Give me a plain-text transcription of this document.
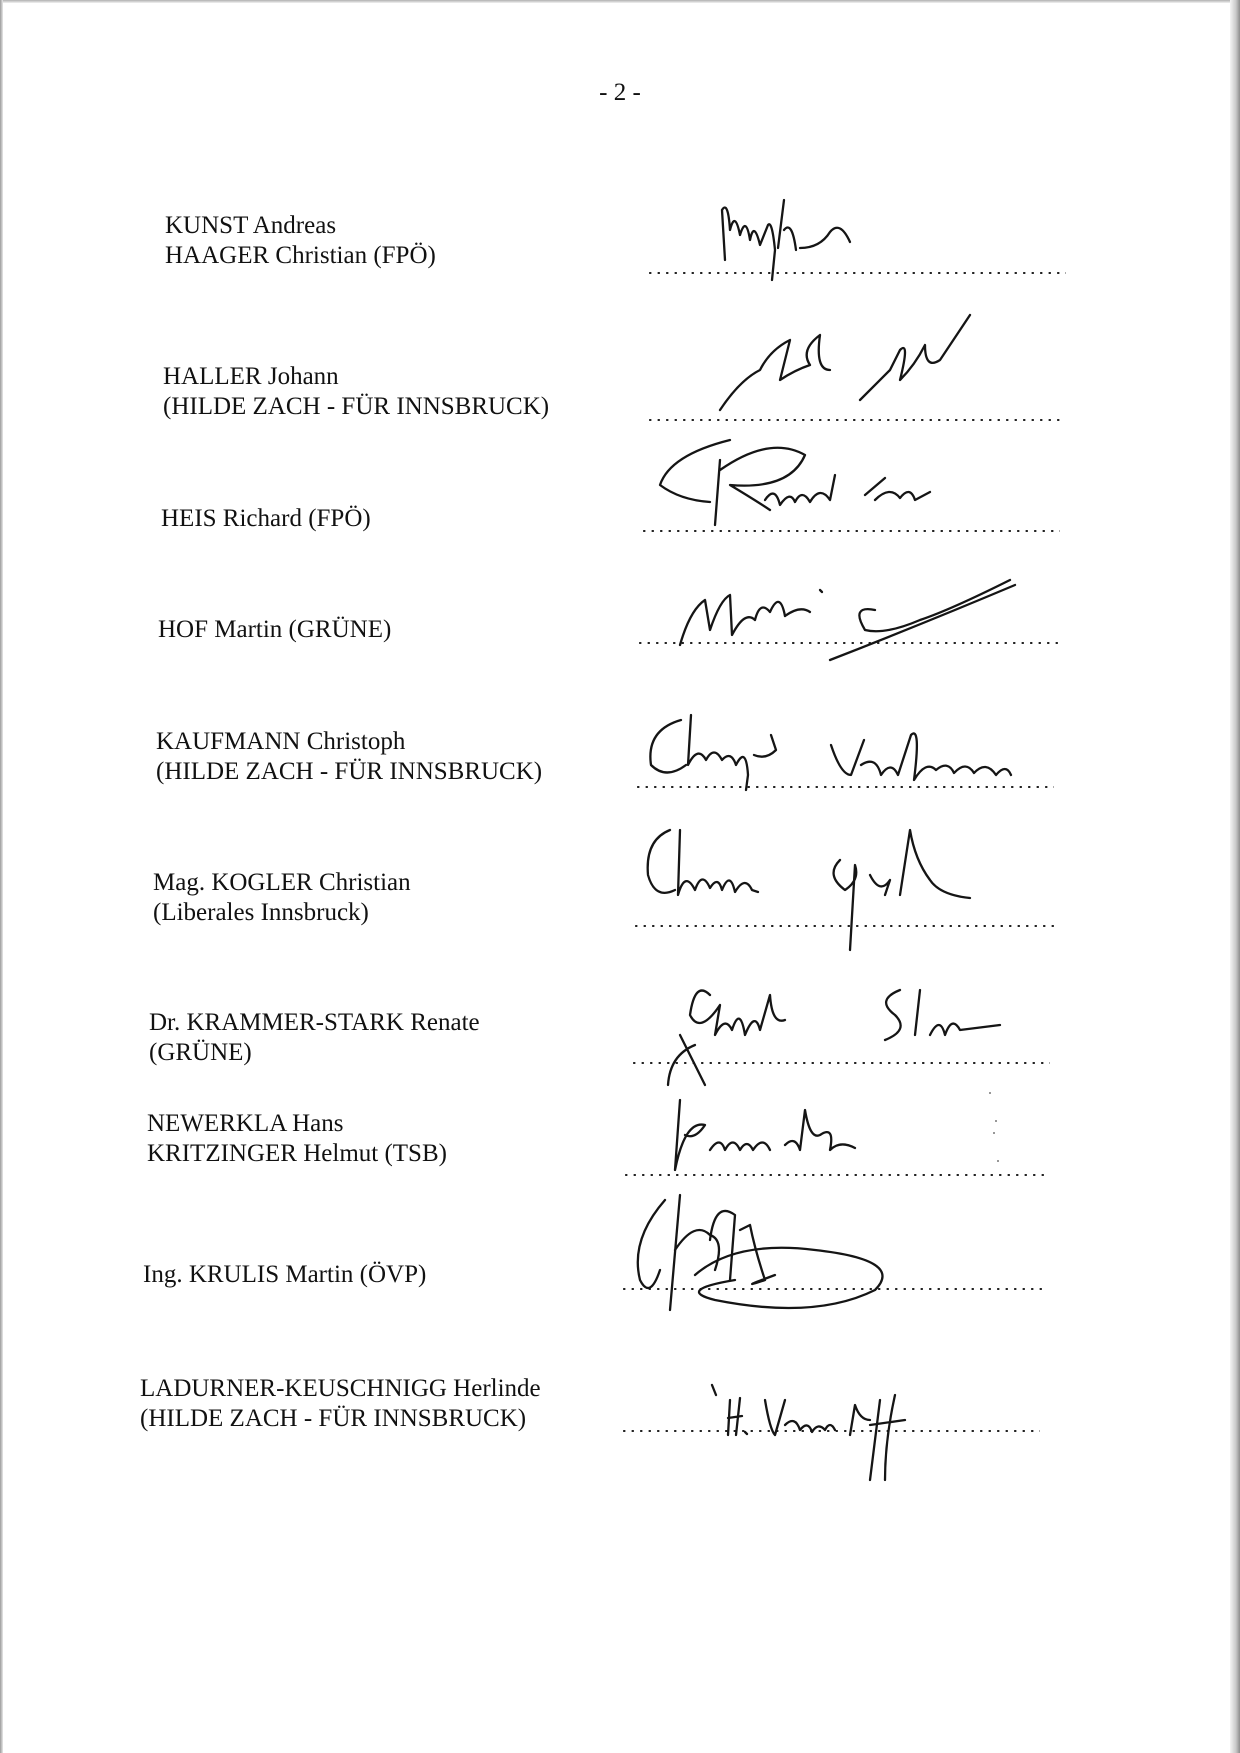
- 2 -
KUNST Andreas
HAAGER Christian (FPÖ)
HALLER Johann
(HILDE ZACH - FÜR INNSBRUCK)
HEIS Richard (FPÖ)
HOF Martin (GRÜNE)
KAUFMANN Christoph
(HILDE ZACH - FÜR INNSBRUCK)
Mag. KOGLER Christian
(Liberales Innsbruck)
Dr. KRAMMER-STARK Renate
(GRÜNE)
NEWERKLA Hans
KRITZINGER Helmut (TSB)
Ing. KRULIS Martin (ÖVP)
LADURNER-KEUSCHNIGG Herlinde
(HILDE ZACH - FÜR INNSBRUCK)
